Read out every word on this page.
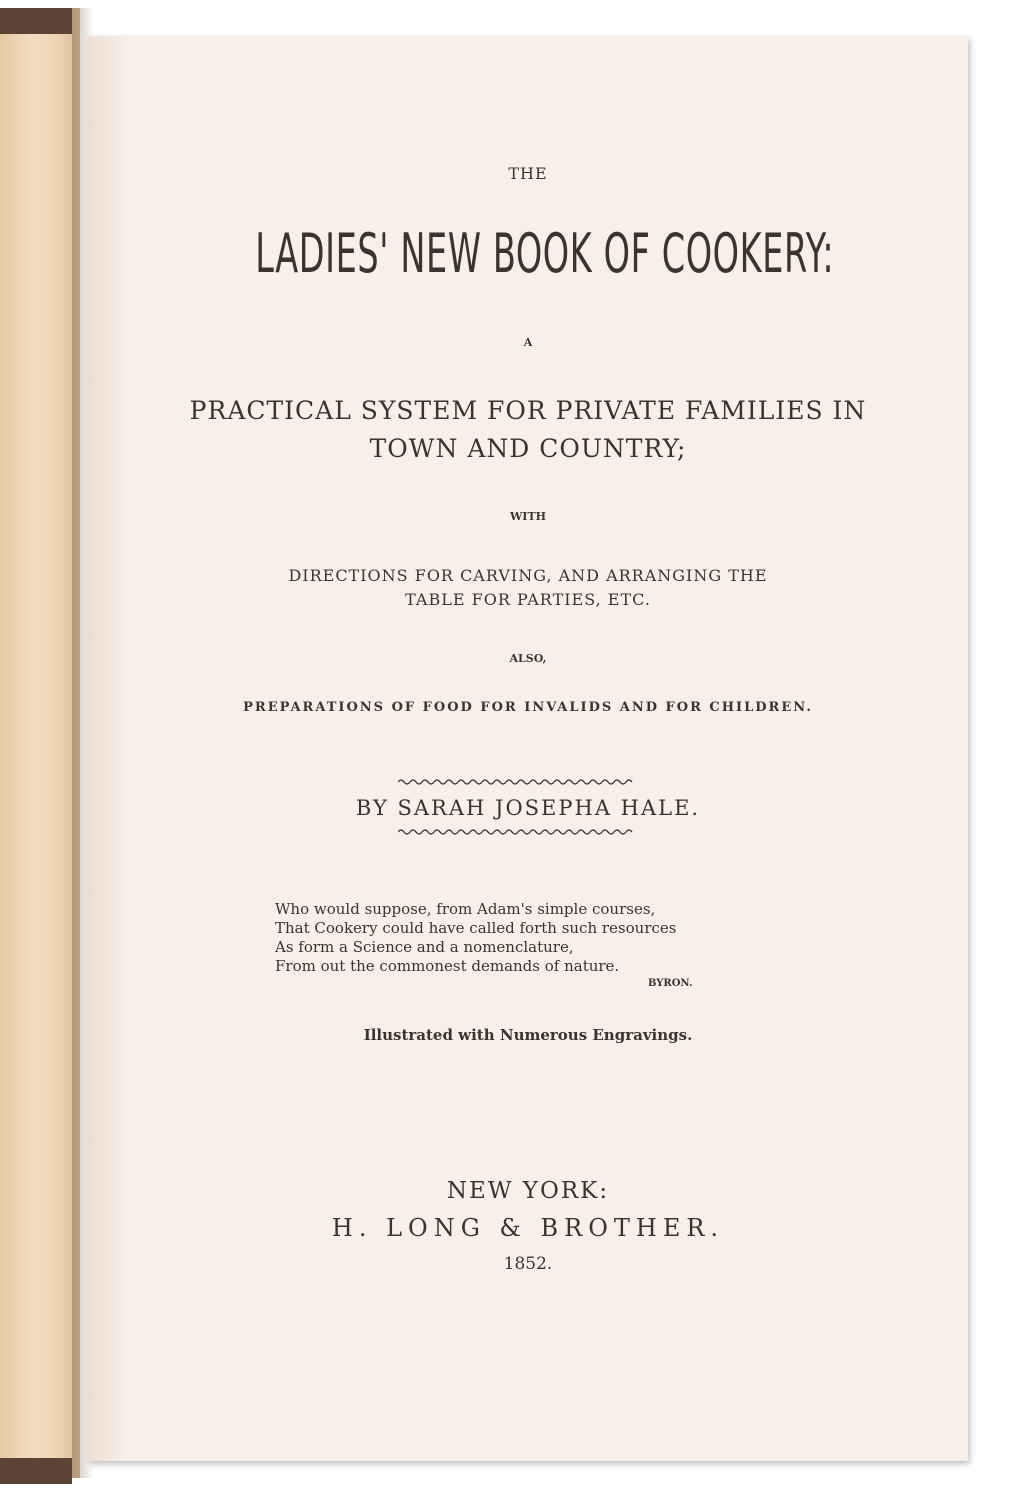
THE
LADIES' NEW BOOK OF COOKERY:
A
PRACTICAL SYSTEM FOR PRIVATE FAMILIES IN
TOWN AND COUNTRY;
WITH
DIRECTIONS FOR CARVING, AND ARRANGING THE
TABLE FOR PARTIES, ETC.
ALSO,
PREPARATIONS OF FOOD FOR INVALIDS AND FOR CHILDREN.
BY SARAH JOSEPHA HALE.
Who would suppose, from Adam's simple courses,
That Cookery could have called forth such resources
As form a Science and a nomenclature,
From out the commonest demands of nature.
BYRON.
Illustrated with Numerous Engravings.
NEW YORK:
H. LONG & BROTHER.
1852.
